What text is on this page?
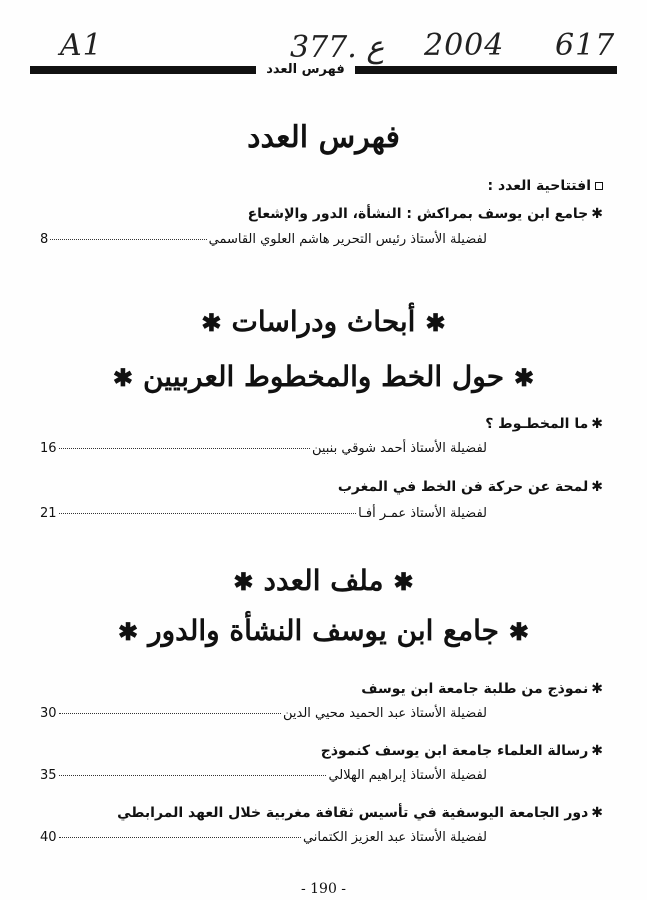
A1	377. ع 2004 617
فهرس العدد
فهرس العدد
افتتاحية العدد :
✱جامع ابن يوسف بمراكش : النشأة، الدور والإشعاع
8	لفضيلة الأستاذ رئيس التحرير هاشم العلوي القاسمي
✱أبحاث ودراسات✱
✱حول الخط والمخطوط العربيين✱
✱ما المخطـوط ؟
16	لفضيلة الأستاذ أحمد شوقي بنبين
✱لمحة عن حركة فن الخط في المغرب
21	لفضيلة الأستاذ عمـر أفـا
✱ملف العدد✱
✱جامع ابن يوسف النشأة والدور✱
✱نموذج من طلبة جامعة ابن يوسف
30	لفضيلة الأستاذ عبد الحميد محيي الدين
✱رسالة العلماء جامعة ابن يوسف كنموذج
35	لفضيلة الأستاذ إبراهيم الهلالي
✱دور الجامعة اليوسفية في تأسيس ثقافة مغربية خلال العهد المرابطي
40	لفضيلة الأستاذ عبد العزيز الكتماني
- 190 -
